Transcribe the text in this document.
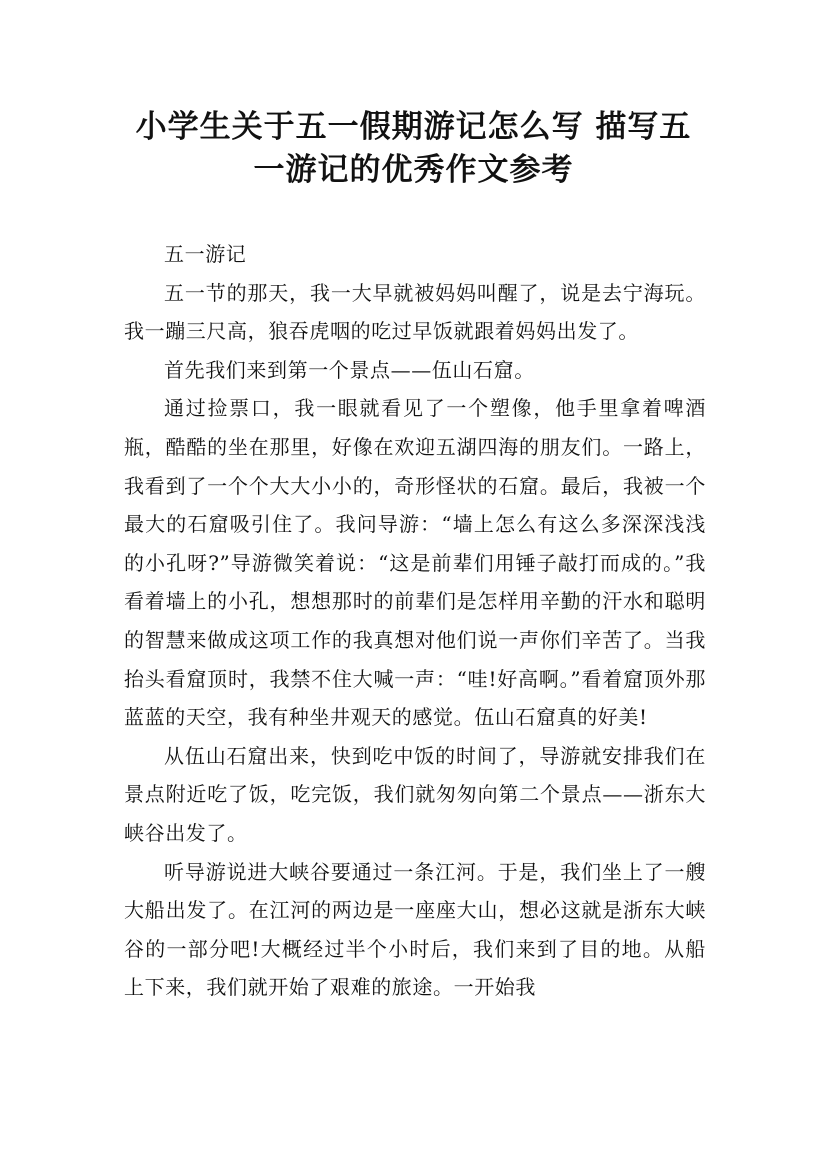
小学生关于五一假期游记怎么写 描写五一游记的优秀作文参考

五一游记

五一节的那天，我一大早就被妈妈叫醒了，说是去宁海玩。我一蹦三尺高，狼吞虎咽的吃过早饭就跟着妈妈出发了。

首先我们来到第一个景点——伍山石窟。

通过捡票口，我一眼就看见了一个塑像，他手里拿着啤酒瓶，酷酷的坐在那里，好像在欢迎五湖四海的朋友们。一路上，我看到了一个个大大小小的，奇形怪状的石窟。最后，我被一个最大的石窟吸引住了。我问导游：“墙上怎么有这么多深深浅浅的小孔呀?”导游微笑着说：“这是前辈们用锤子敲打而成的。”我看着墙上的小孔，想想那时的前辈们是怎样用辛勤的汗水和聪明的智慧来做成这项工作的我真想对他们说一声你们辛苦了。当我抬头看窟顶时，我禁不住大喊一声：“哇!好高啊。”看着窟顶外那蓝蓝的天空，我有种坐井观天的感觉。伍山石窟真的好美!

从伍山石窟出来，快到吃中饭的时间了，导游就安排我们在景点附近吃了饭，吃完饭，我们就匆匆向第二个景点——浙东大峡谷出发了。

听导游说进大峡谷要通过一条江河。于是，我们坐上了一艘大船出发了。在江河的两边是一座座大山，想必这就是浙东大峡谷的一部分吧!大概经过半个小时后，我们来到了目的地。从船上下来，我们就开始了艰难的旅途。一开始我
